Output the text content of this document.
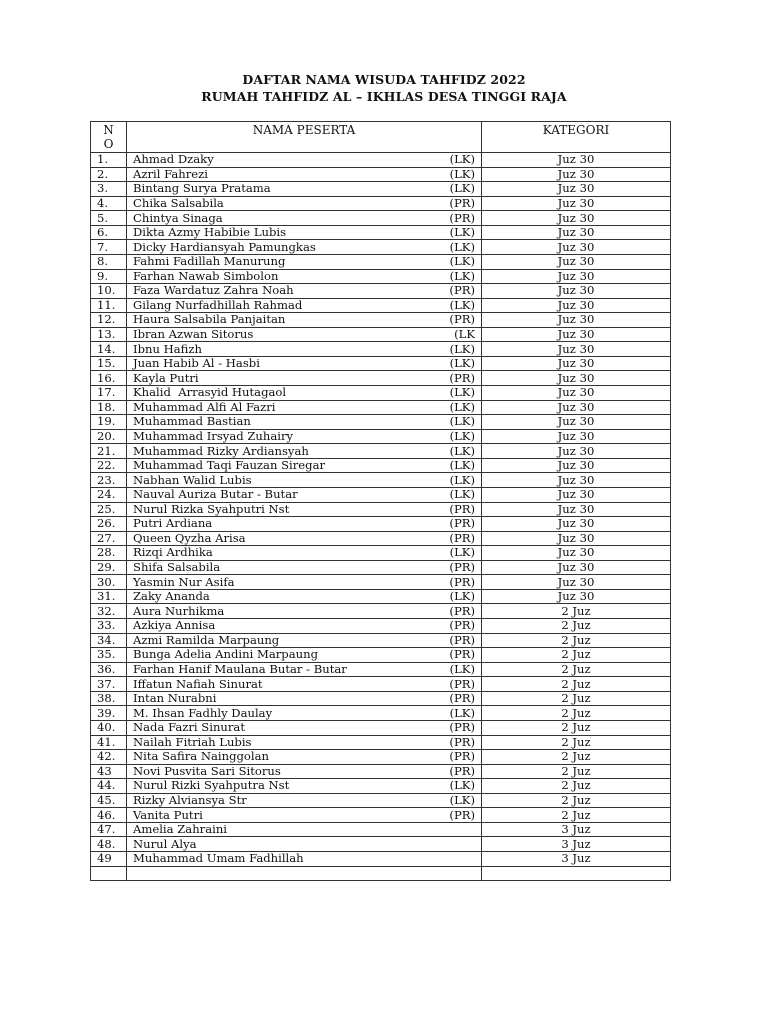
DAFTAR NAMA WISUDA TAHFIDZ 2022
RUMAH TAHFIDZ AL – IKHLAS DESA TINGGI RAJA
N
O	NAMA PESERTA	KATEGORI
1.	Ahmad Dzaky (LK)	Juz 30
2.	Azril Fahrezi (LK)	Juz 30
3.	Bintang Surya Pratama (LK)	Juz 30
4.	Chika Salsabila (PR)	Juz 30
5.	Chintya Sinaga (PR)	Juz 30
6.	Dikta Azmy Habibie Lubis (LK)	Juz 30
7.	Dicky Hardiansyah Pamungkas (LK)	Juz 30
8.	Fahmi Fadillah Manurung (LK)	Juz 30
9.	Farhan Nawab Simbolon (LK)	Juz 30
10.	Faza Wardatuz Zahra Noah (PR)	Juz 30
11.	Gilang Nurfadhillah Rahmad (LK)	Juz 30
12.	Haura Salsabila Panjaitan (PR)	Juz 30
13.	Ibran Azwan Sitorus (LK	Juz 30
14.	Ibnu Hafizh (LK)	Juz 30
15.	Juan Habib Al - Hasbi (LK)	Juz 30
16.	Kayla Putri (PR)	Juz 30
17.	Khalid  Arrasyid Hutagaol (LK)	Juz 30
18.	Muhammad Alfi Al Fazri (LK)	Juz 30
19.	Muhammad Bastian (LK)	Juz 30
20.	Muhammad Irsyad Zuhairy (LK)	Juz 30
21.	Muhammad Rizky Ardiansyah (LK)	Juz 30
22.	Muhammad Taqi Fauzan Siregar (LK)	Juz 30
23.	Nabhan Walid Lubis (LK)	Juz 30
24.	Nauval Auriza Butar - Butar (LK)	Juz 30
25.	Nurul Rizka Syahputri Nst (PR)	Juz 30
26.	Putri Ardiana (PR)	Juz 30
27.	Queen Qyzha Arisa (PR)	Juz 30
28.	Rizqi Ardhika (LK)	Juz 30
29.	Shifa Salsabila (PR)	Juz 30
30.	Yasmin Nur Asifa (PR)	Juz 30
31.	Zaky Ananda (LK)	Juz 30
32.	Aura Nurhikma (PR)	2 Juz
33.	Azkiya Annisa (PR)	2 Juz
34.	Azmi Ramilda Marpaung (PR)	2 Juz
35.	Bunga Adelia Andini Marpaung (PR)	2 Juz
36.	Farhan Hanif Maulana Butar - Butar (LK)	2 Juz
37.	Iffatun Nafiah Sinurat (PR)	2 Juz
38.	Intan Nurabni (PR)	2 Juz
39.	M. Ihsan Fadhly Daulay (LK)	2 Juz
40.	Nada Fazri Sinurat (PR)	2 Juz
41.	Nailah Fitriah Lubis (PR)	2 Juz
42.	Nita Safira Nainggolan (PR)	2 Juz
43	Novi Pusvita Sari Sitorus (PR)	2 Juz
44.	Nurul Rizki Syahputra Nst (LK)	2 Juz
45.	Rizky Alviansya Str (LK)	2 Juz
46.	Vanita Putri (PR)	2 Juz
47.	Amelia Zahraini	3 Juz
48.	Nurul Alya	3 Juz
49	Muhammad Umam Fadhillah	3 Juz
